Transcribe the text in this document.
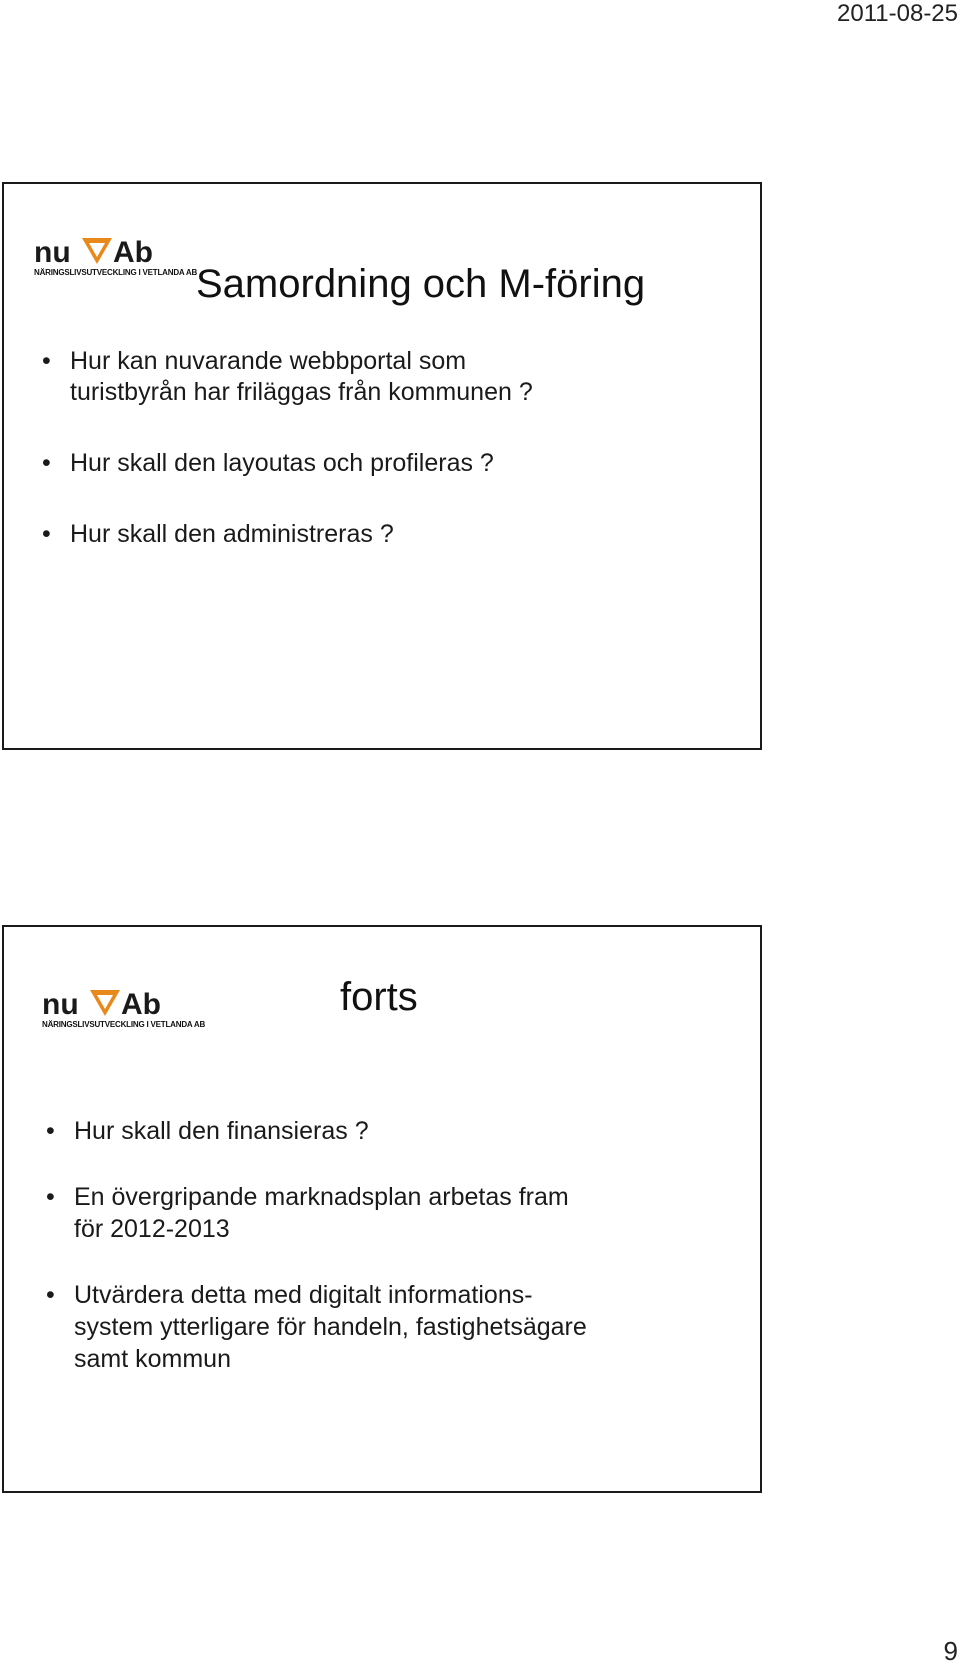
2011-08-25
nu Ab
NÄRINGSLIVSUTVECKLING I VETLANDA AB
Samordning och M-föring
• Hur kan nuvarande webbportal som
turistbyrån har friläggas från kommunen ?
• Hur skall den layoutas och profileras ?
• Hur skall den administreras ?
nu Ab
NÄRINGSLIVSUTVECKLING I VETLANDA AB
forts
• Hur skall den finansieras ?
• En övergripande marknadsplan arbetas fram
för 2012-2013
• Utvärdera detta med digitalt informations-
system ytterligare för handeln, fastighetsägare
samt kommun
9
